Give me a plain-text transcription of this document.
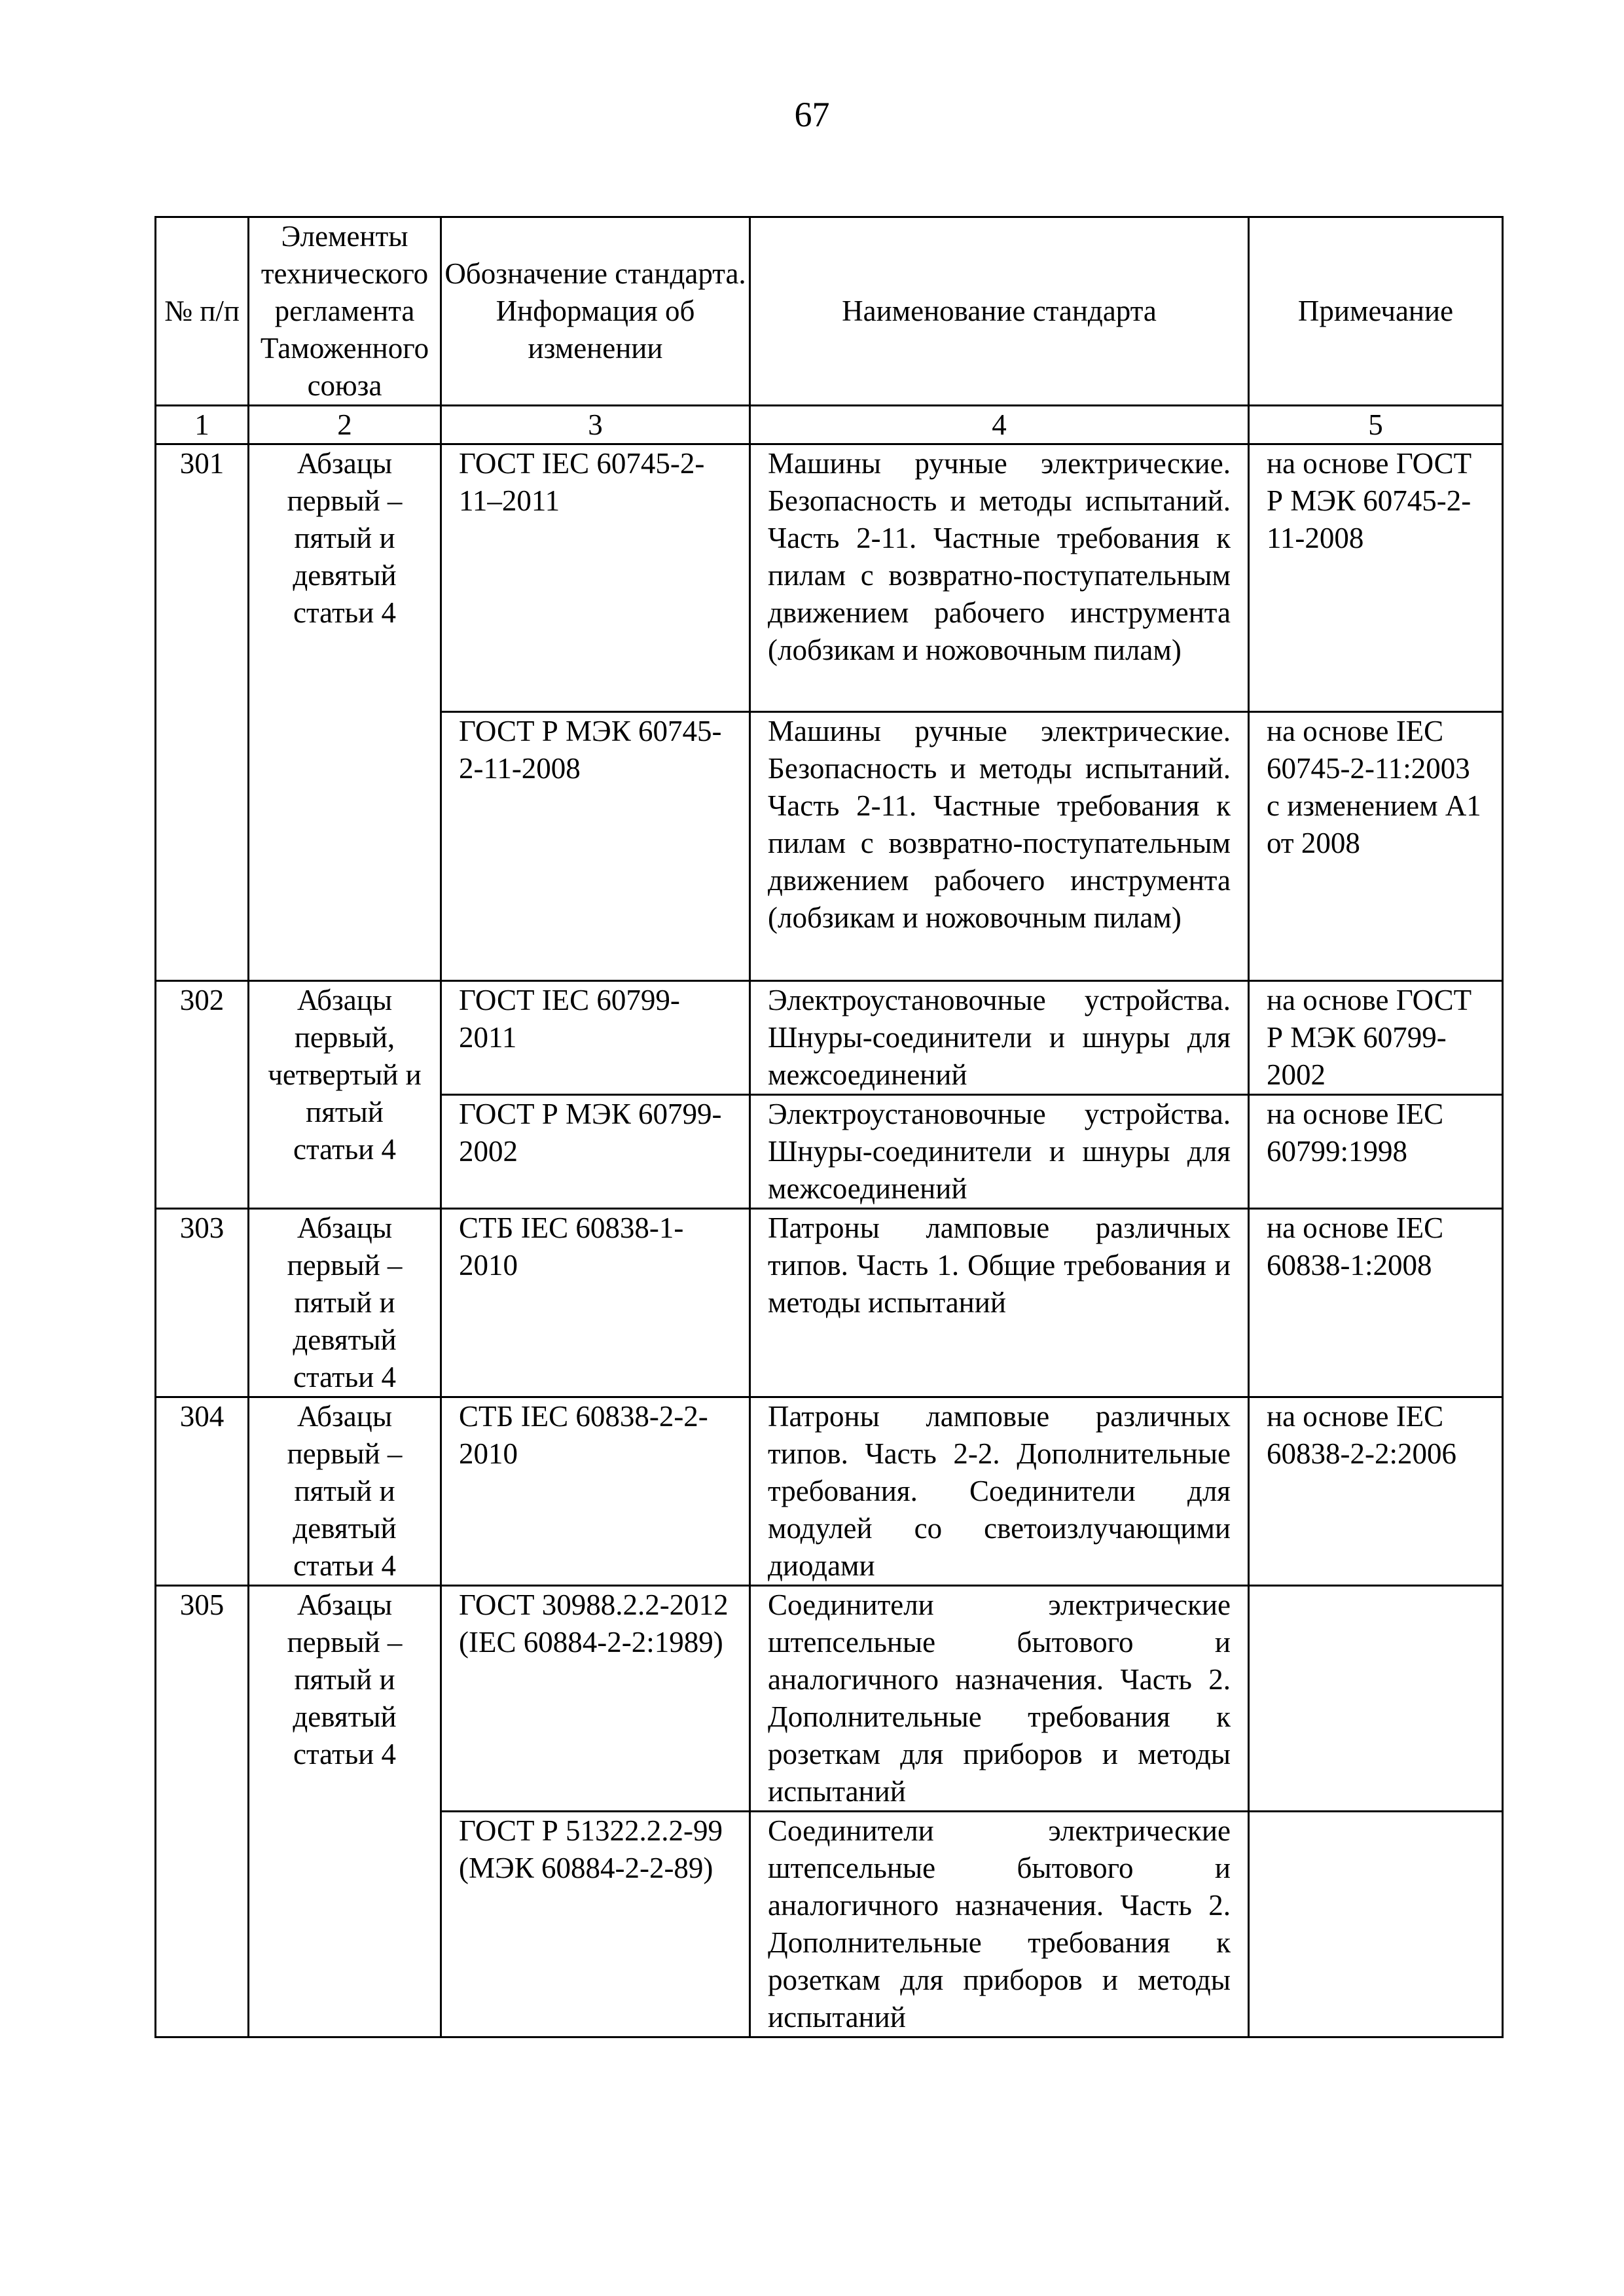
67
№ п/п	Элементы технического регламента Таможенного союза	Обозначение стандарта. Информация об изменении	Наименование стандарта	Примечание
1	2	3	4	5
301	Абзацы первый – пятый и девятый статьи 4	ГОСТ IEC 60745-2-11–2011	Машины ручные электрические. Безопасность и методы испытаний. Часть 2-11. Частные требования к пилам с возвратно-поступательным движением рабочего инструмента (лобзикам и ножовочным пилам)	на основе ГОСТ Р МЭК 60745-2-11-2008
		ГОСТ Р МЭК 60745-2-11-2008	Машины ручные электрические. Безопасность и методы испытаний. Часть 2-11. Частные требования к пилам с возвратно-поступательным движением рабочего инструмента (лобзикам и ножовочным пилам)	на основе IEC 60745-2-11:2003 с изменением А1 от 2008
302	Абзацы первый, четвертый и пятый статьи 4	ГОСТ IEC 60799-2011	Электроустановочные устройства. Шнуры-соединители и шнуры для межсоединений	на основе ГОСТ Р МЭК 60799-2002
		ГОСТ Р МЭК 60799-2002	Электроустановочные устройства. Шнуры-соединители и шнуры для межсоединений	на основе IEC 60799:1998
303	Абзацы первый – пятый и девятый статьи 4	СТБ IEC 60838-1-2010	Патроны ламповые различных типов. Часть 1. Общие требования и методы испытаний	на основе IEC 60838-1:2008
304	Абзацы первый – пятый и девятый статьи 4	СТБ IEC 60838-2-2-2010	Патроны ламповые различных типов. Часть 2-2. Дополнительные требования. Соединители для модулей со светоизлучающими диодами	на основе IEC 60838-2-2:2006
305	Абзацы первый – пятый и девятый статьи 4	ГОСТ 30988.2.2-2012 (IEC 60884-2-2:1989)	Соединители электрические штепсельные бытового и аналогичного назначения. Часть 2. Дополнительные требования к розеткам для приборов и методы испытаний	
		ГОСТ Р 51322.2.2-99 (МЭК 60884-2-2-89)	Соединители электрические штепсельные бытового и аналогичного назначения. Часть 2. Дополнительные требования к розеткам для приборов и методы испытаний	
